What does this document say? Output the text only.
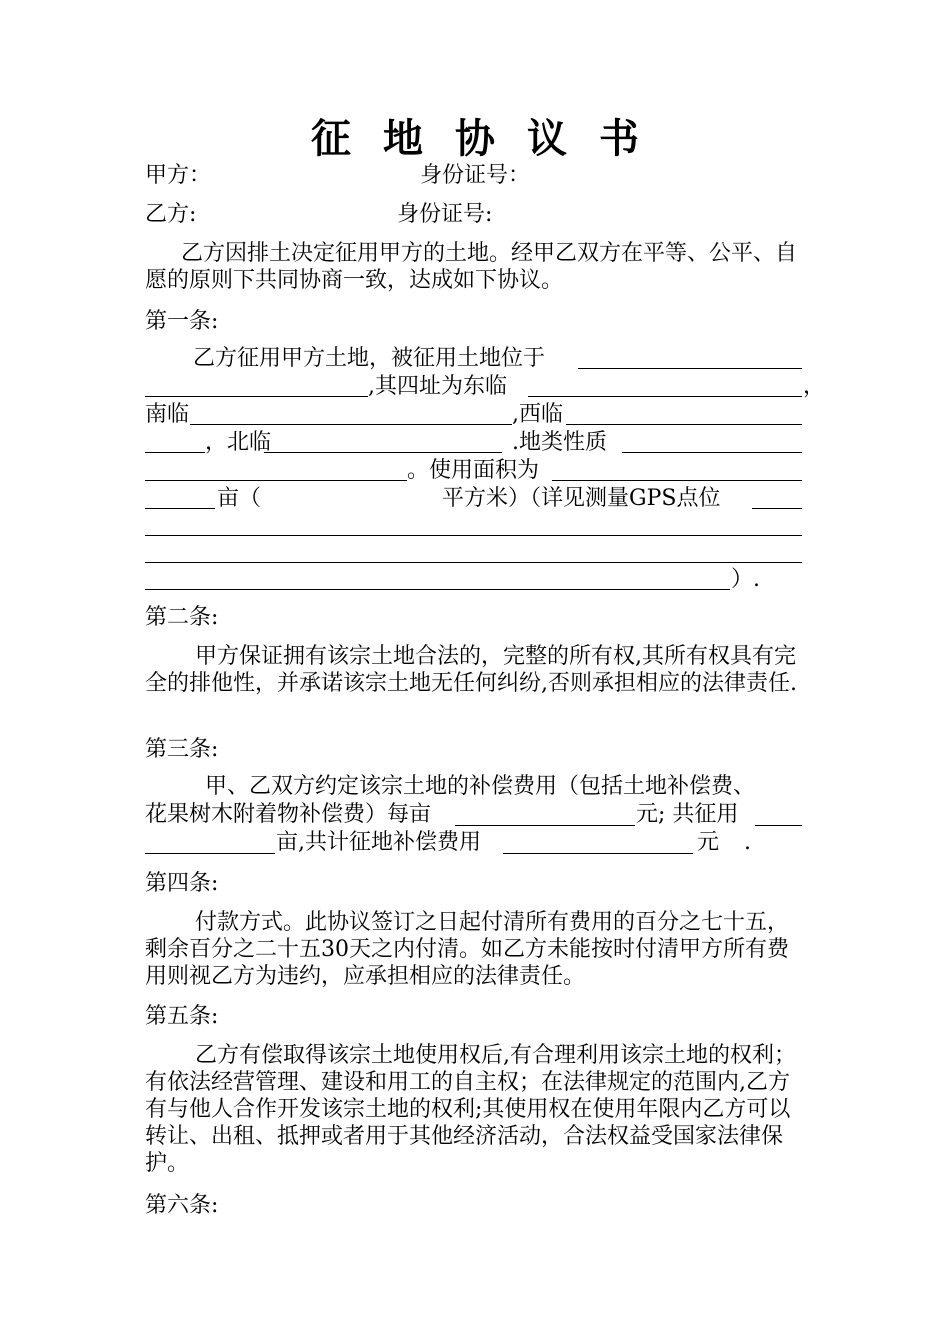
征地协议书
甲方：	身份证号：
乙方:	身份证号:
乙方因排土决定征用甲方的土地。经甲乙双方在平等、公平、自愿的原则下共同协商一致，达成如下协议。
第一条:
乙方征用甲方土地，被征用土地位于
,其四址为东临	，
南临	,西临
，北临	.地类性质
。使用面积为
亩（	平方米）（详见测量GPS点位
）.
第二条:
甲方保证拥有该宗土地合法的，完整的所有权,其所有权具有完全的排他性，并承诺该宗土地无任何纠纷,否则承担相应的法律责任.
第三条:
甲、乙双方约定该宗土地的补偿费用（包括土地补偿费、
花果树木附着物补偿费）每亩	元; 共征用
亩,共计征地补偿费用	元 .
第四条:
付款方式。此协议签订之日起付清所有费用的百分之七十五，剩余百分之二十五30天之内付清。如乙方未能按时付清甲方所有费用则视乙方为违约，应承担相应的法律责任。
第五条:
乙方有偿取得该宗土地使用权后,有合理利用该宗土地的权利；有依法经营管理、建设和用工的自主权；在法律规定的范围内,乙方有与他人合作开发该宗土地的权利;其使用权在使用年限内乙方可以转让、出租、抵押或者用于其他经济活动，合法权益受国家法律保护。
第六条:
